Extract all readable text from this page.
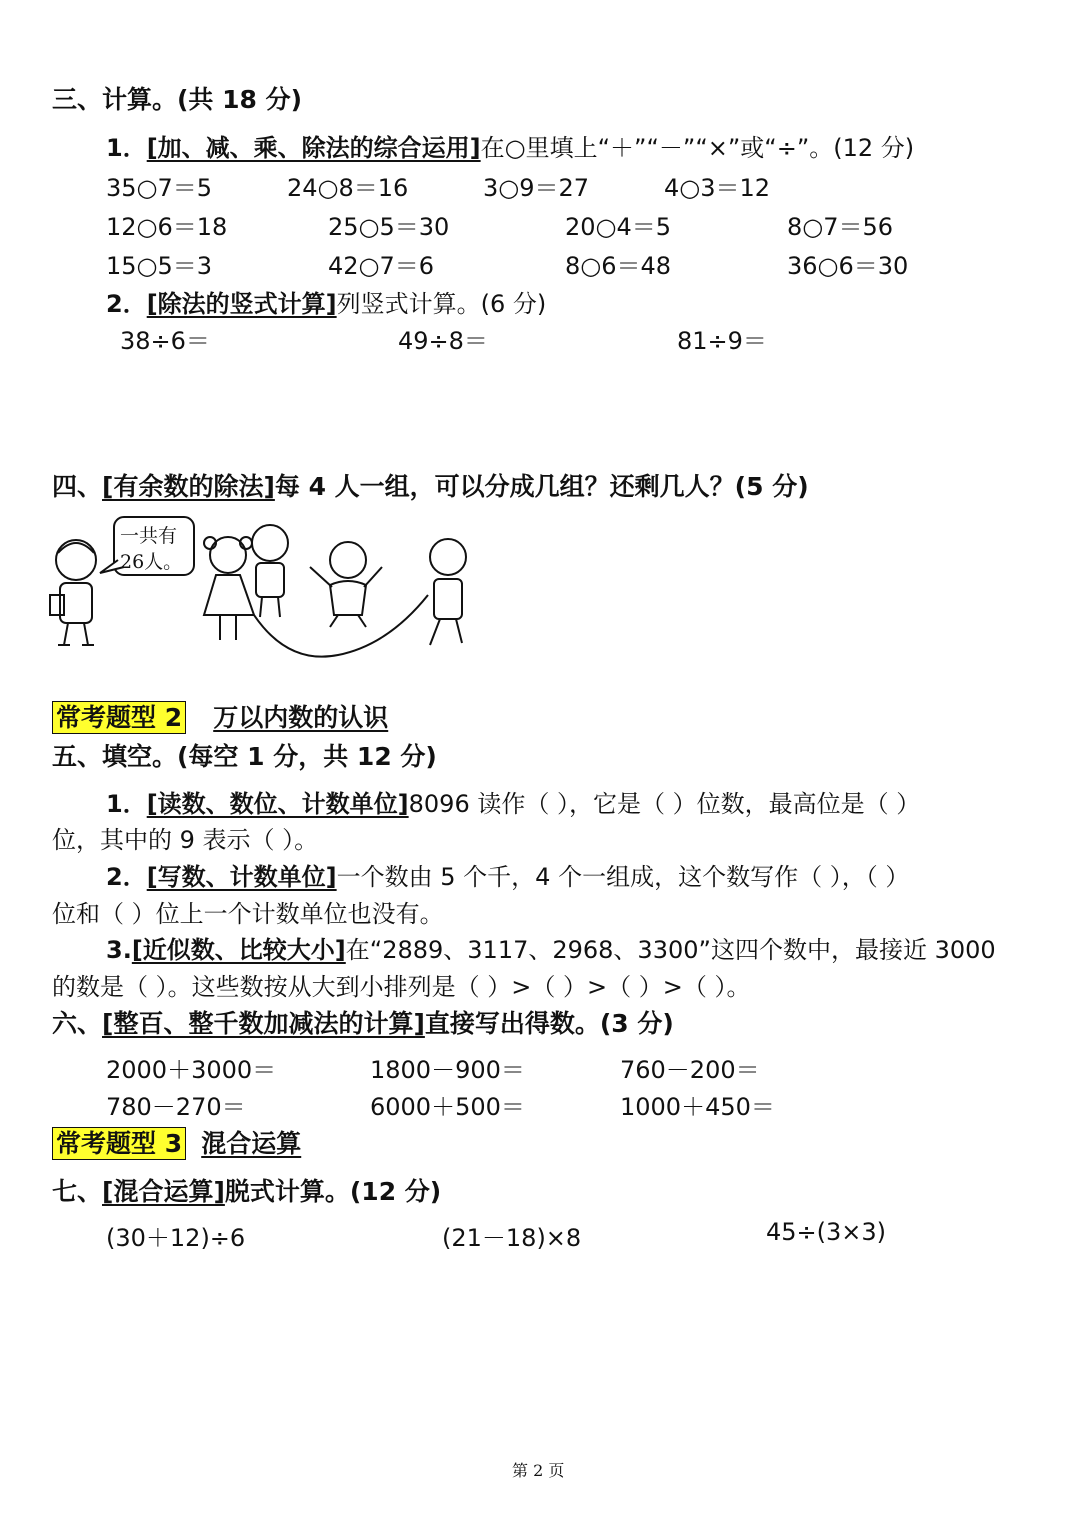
三、计算。(共 18 分)
1．[加、减、乘、除法的综合运用]在○里填上“＋”“－”“×”或“÷”。(12 分)
35○7＝5	24○8＝16	3○9＝27	4○3＝12
12○6＝18	25○5＝30	20○4＝5	8○7＝56
15○5＝3	42○7＝6	8○6＝48	36○6＝30
2．[除法的竖式计算]列竖式计算。(6 分)
38÷6＝	49÷8＝	81÷9＝
四、[有余数的除法]每 4 人一组，可以分成几组？还剩几人？(5 分)
一共有
26人。
常考题型 2 万以内数的认识
五、填空。(每空 1 分，共 12 分)
1．[读数、数位、计数单位]8096 读作（ ），它是（ ）位数，最高位是（ ）
位，其中的 9 表示（ ）。
2．[写数、计数单位]一个数由 5 个千，4 个一组成，这个数写作（ ），（ ）
位和（ ）位上一个计数单位也没有。
3.[近似数、比较大小]在“2889、3117、2968、3300”这四个数中，最接近 3000
的数是（ ）。这些数按从大到小排列是（ ）>（ ）>（ ）>（ ）。
六、[整百、整千数加减法的计算]直接写出得数。(3 分)
2000＋3000＝	1800－900＝	760－200＝
780－270＝	6000＋500＝	1000＋450＝
常考题型 3 混合运算
七、[混合运算]脱式计算。(12 分)
(30＋12)÷6	(21－18)×8	45÷(3×3)
第 2 页
